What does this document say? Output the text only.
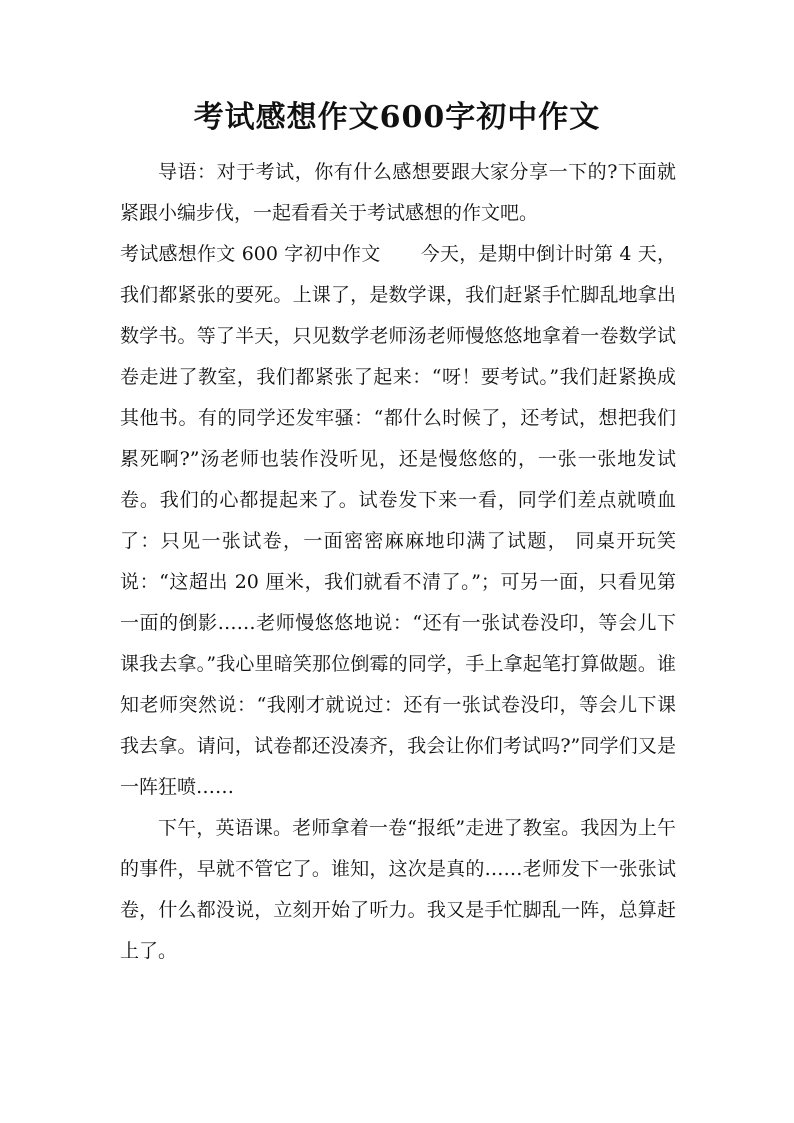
考试感想作文600字初中作文

导语：对于考试，你有什么感想要跟大家分享一下的?下面就紧跟小编步伐，一起看看关于考试感想的作文吧。

考试感想作文 600 字初中作文 今天，是期中倒计时第 4 天，我们都紧张的要死。上课了，是数学课，我们赶紧手忙脚乱地拿出数学书。等了半天，只见数学老师汤老师慢悠悠地拿着一卷数学试卷走进了教室，我们都紧张了起来：“呀！要考试。”我们赶紧换成其他书。有的同学还发牢骚：“都什么时候了，还考试，想把我们累死啊?”汤老师也装作没听见，还是慢悠悠的，一张一张地发试卷。我们的心都提起来了。试卷发下来一看，同学们差点就喷血了：只见一张试卷，一面密密麻麻地印满了试题， 同桌开玩笑说：“这超出 20 厘米，我们就看不清了。”；可另一面，只看见第一面的倒影……老师慢悠悠地说：“还有一张试卷没印，等会儿下课我去拿。”我心里暗笑那位倒霉的同学，手上拿起笔打算做题。谁知老师突然说：“我刚才就说过：还有一张试卷没印，等会儿下课我去拿。请问，试卷都还没凑齐，我会让你们考试吗?”同学们又是一阵狂喷……

下午，英语课。老师拿着一卷“报纸”走进了教室。我因为上午的事件，早就不管它了。谁知，这次是真的……老师发下一张张试卷，什么都没说，立刻开始了听力。我又是手忙脚乱一阵，总算赶上了。
